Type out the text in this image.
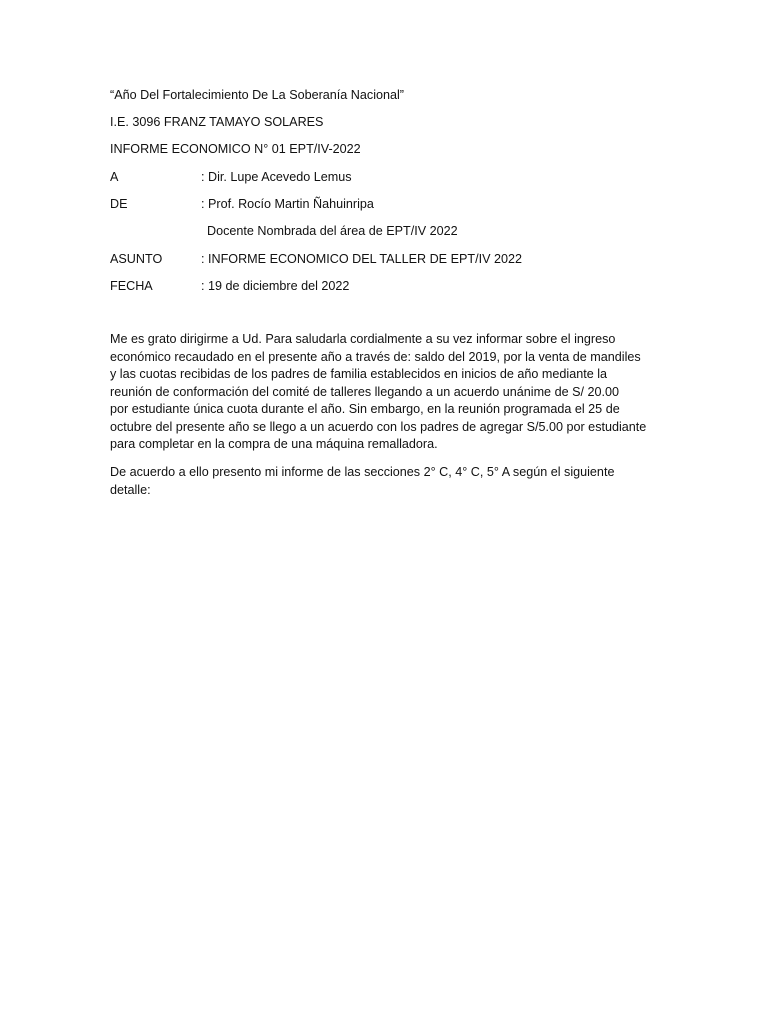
“Año Del Fortalecimiento De La Soberanía Nacional”
I.E. 3096 FRANZ TAMAYO SOLARES
INFORME ECONOMICO N° 01 EPT/IV-2022
A	: Dir. Lupe Acevedo Lemus
DE	: Prof. Rocío Martin Ñahuinripa
Docente Nombrada del área de EPT/IV 2022
ASUNTO	: INFORME ECONOMICO DEL TALLER DE EPT/IV 2022
FECHA	: 19 de diciembre del 2022
Me es grato dirigirme a Ud. Para saludarla cordialmente a su vez informar sobre el ingreso
económico recaudado en el presente año a través de: saldo del 2019, por la venta de mandiles
y las cuotas recibidas de los padres de familia establecidos en inicios de año mediante la
reunión de conformación del comité de talleres llegando a un acuerdo unánime de S/ 20.00
por estudiante única cuota durante el año. Sin embargo, en la reunión programada el 25 de
octubre del presente año se llego a un acuerdo con los padres de agregar S/5.00 por estudiante
para completar en la compra de una máquina remalladora.
De acuerdo a ello presento mi informe de las secciones 2° C, 4° C, 5° A según el siguiente
detalle:
